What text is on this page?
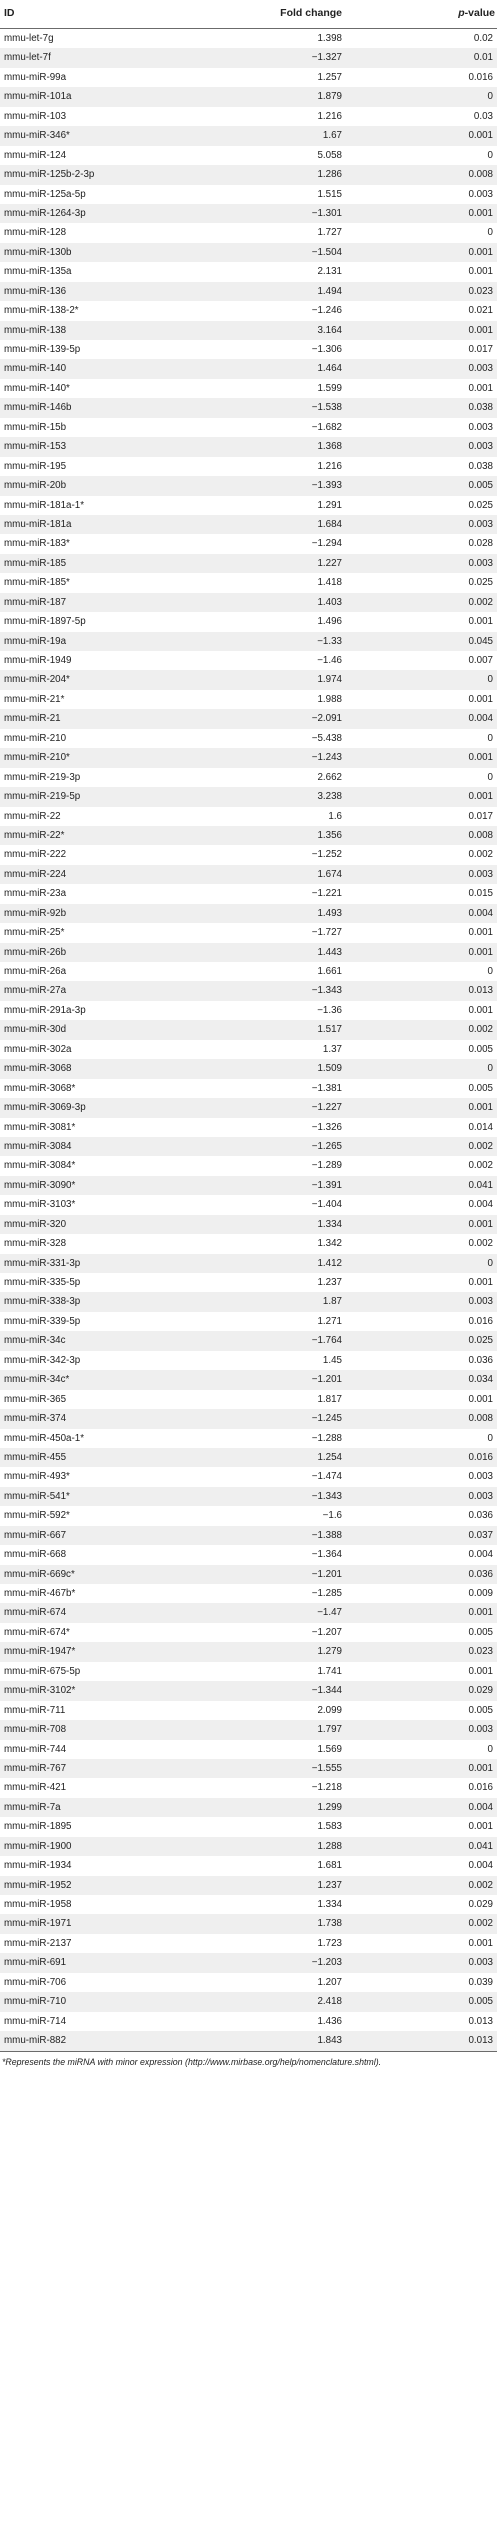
ID	Fold change	p-value
mmu-let-7g	1.398	0.02
mmu-let-7f	−1.327	0.01
mmu-miR-99a	1.257	0.016
mmu-miR-101a	1.879	0
mmu-miR-103	1.216	0.03
mmu-miR-346*	1.67	0.001
mmu-miR-124	5.058	0
mmu-miR-125b-2-3p	1.286	0.008
mmu-miR-125a-5p	1.515	0.003
mmu-miR-1264-3p	−1.301	0.001
mmu-miR-128	1.727	0
mmu-miR-130b	−1.504	0.001
mmu-miR-135a	2.131	0.001
mmu-miR-136	1.494	0.023
mmu-miR-138-2*	−1.246	0.021
mmu-miR-138	3.164	0.001
mmu-miR-139-5p	−1.306	0.017
mmu-miR-140	1.464	0.003
mmu-miR-140*	1.599	0.001
mmu-miR-146b	−1.538	0.038
mmu-miR-15b	−1.682	0.003
mmu-miR-153	1.368	0.003
mmu-miR-195	1.216	0.038
mmu-miR-20b	−1.393	0.005
mmu-miR-181a-1*	1.291	0.025
mmu-miR-181a	1.684	0.003
mmu-miR-183*	−1.294	0.028
mmu-miR-185	1.227	0.003
mmu-miR-185*	1.418	0.025
mmu-miR-187	1.403	0.002
mmu-miR-1897-5p	1.496	0.001
mmu-miR-19a	−1.33	0.045
mmu-miR-1949	−1.46	0.007
mmu-miR-204*	1.974	0
mmu-miR-21*	1.988	0.001
mmu-miR-21	−2.091	0.004
mmu-miR-210	−5.438	0
mmu-miR-210*	−1.243	0.001
mmu-miR-219-3p	2.662	0
mmu-miR-219-5p	3.238	0.001
mmu-miR-22	1.6	0.017
mmu-miR-22*	1.356	0.008
mmu-miR-222	−1.252	0.002
mmu-miR-224	1.674	0.003
mmu-miR-23a	−1.221	0.015
mmu-miR-92b	1.493	0.004
mmu-miR-25*	−1.727	0.001
mmu-miR-26b	1.443	0.001
mmu-miR-26a	1.661	0
mmu-miR-27a	−1.343	0.013
mmu-miR-291a-3p	−1.36	0.001
mmu-miR-30d	1.517	0.002
mmu-miR-302a	1.37	0.005
mmu-miR-3068	1.509	0
mmu-miR-3068*	−1.381	0.005
mmu-miR-3069-3p	−1.227	0.001
mmu-miR-3081*	−1.326	0.014
mmu-miR-3084	−1.265	0.002
mmu-miR-3084*	−1.289	0.002
mmu-miR-3090*	−1.391	0.041
mmu-miR-3103*	−1.404	0.004
mmu-miR-320	1.334	0.001
mmu-miR-328	1.342	0.002
mmu-miR-331-3p	1.412	0
mmu-miR-335-5p	1.237	0.001
mmu-miR-338-3p	1.87	0.003
mmu-miR-339-5p	1.271	0.016
mmu-miR-34c	−1.764	0.025
mmu-miR-342-3p	1.45	0.036
mmu-miR-34c*	−1.201	0.034
mmu-miR-365	1.817	0.001
mmu-miR-374	−1.245	0.008
mmu-miR-450a-1*	−1.288	0
mmu-miR-455	1.254	0.016
mmu-miR-493*	−1.474	0.003
mmu-miR-541*	−1.343	0.003
mmu-miR-592*	−1.6	0.036
mmu-miR-667	−1.388	0.037
mmu-miR-668	−1.364	0.004
mmu-miR-669c*	−1.201	0.036
mmu-miR-467b*	−1.285	0.009
mmu-miR-674	−1.47	0.001
mmu-miR-674*	−1.207	0.005
mmu-miR-1947*	1.279	0.023
mmu-miR-675-5p	1.741	0.001
mmu-miR-3102*	−1.344	0.029
mmu-miR-711	2.099	0.005
mmu-miR-708	1.797	0.003
mmu-miR-744	1.569	0
mmu-miR-767	−1.555	0.001
mmu-miR-421	−1.218	0.016
mmu-miR-7a	1.299	0.004
mmu-miR-1895	1.583	0.001
mmu-miR-1900	1.288	0.041
mmu-miR-1934	1.681	0.004
mmu-miR-1952	1.237	0.002
mmu-miR-1958	1.334	0.029
mmu-miR-1971	1.738	0.002
mmu-miR-2137	1.723	0.001
mmu-miR-691	−1.203	0.003
mmu-miR-706	1.207	0.039
mmu-miR-710	2.418	0.005
mmu-miR-714	1.436	0.013
mmu-miR-882	1.843	0.013
*Represents the miRNA with minor expression (http://www.mirbase.org/help/nomenclature.shtml).
